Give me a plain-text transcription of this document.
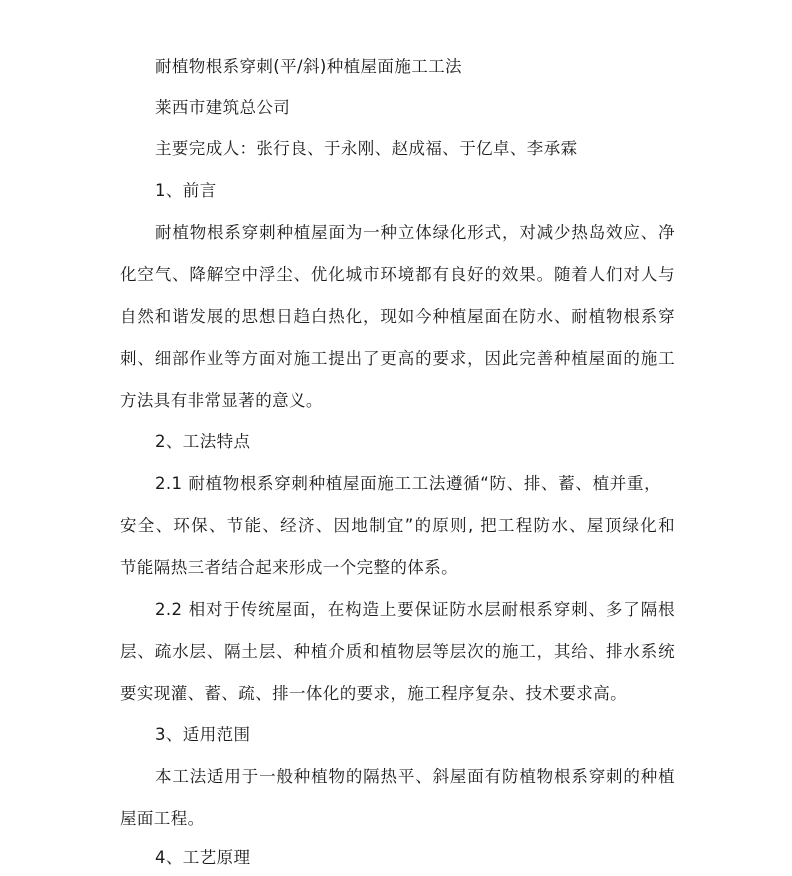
耐植物根系穿刺(平/斜)种植屋面施工工法
莱西市建筑总公司
主要完成人：张行良、于永刚、赵成福、于亿卓、李承霖
1、前言
耐植物根系穿刺种植屋面为一种立体绿化形式，对减少热岛效应、净
化空气、降解空中浮尘、优化城市环境都有良好的效果。随着人们对人与
自然和谐发展的思想日趋白热化，现如今种植屋面在防水、耐植物根系穿
刺、细部作业等方面对施工提出了更高的要求，因此完善种植屋面的施工
方法具有非常显著的意义。
2、工法特点
2.1 耐植物根系穿刺种植屋面施工工法遵循“防、排、蓄、植并重，
安全、环保、节能、经济、因地制宜”的原则, 把工程防水、屋顶绿化和
节能隔热三者结合起来形成一个完整的体系。
2.2 相对于传统屋面，在构造上要保证防水层耐根系穿刺、多了隔根
层、疏水层、隔土层、种植介质和植物层等层次的施工，其给、排水系统
要实现灌、蓄、疏、排一体化的要求，施工程序复杂、技术要求高。
3、适用范围
本工法适用于一般种植物的隔热平、斜屋面有防植物根系穿刺的种植
屋面工程。
4、工艺原理
